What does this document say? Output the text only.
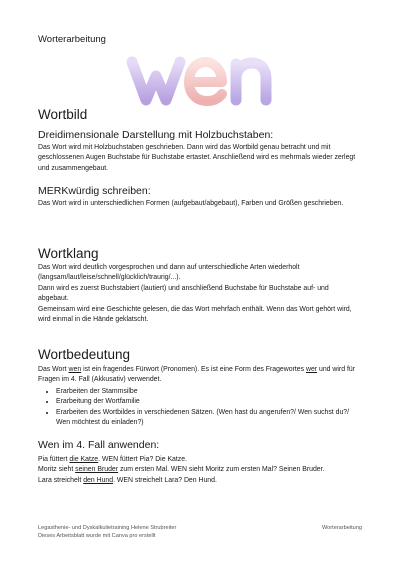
Worterarbeitung
Wortbild
Dreidimensionale Darstellung mit Holzbuchstaben:

Das Wort wird mit Holzbuchstaben geschrieben. Dann wird das Wortbild genau betracht und mit geschlossenen Augen Buchstabe für Buchstabe ertastet. Anschließend wird es mehrmals wieder zerlegt und zusammengebaut.

MERKwürdig schreiben:

Das Wort wird in unterschiedlichen Formen (aufgebaut/abgebaut), Farben und Größen geschrieben.

Wortklang

Das Wort wird deutlich vorgesprochen und dann auf unterschiedliche Arten wiederholt (langsam/laut/leise/schnell/glücklich/traurig/...).

Dann wird es zuerst Buchstabiert (lautiert) und anschließend Buchstabe für Buchstabe auf- und abgebaut.

Gemeinsam wird eine Geschichte gelesen, die das Wort mehrfach enthält. Wenn das Wort gehört wird, wird einmal in die Hände geklatscht.

Wortbedeutung

Das Wort wen ist ein fragendes Fürwort (Pronomen). Es ist eine Form des Fragewortes wer und wird für Fragen im 4. Fall (Akkusativ) verwendet.

• Erarbeiten der Stammsilbe
• Erarbeitung der Wortfamilie
• Erarbeiten des Wortbildes in verschiedenen Sätzen. (Wen hast du angerufen?/ Wen suchst du?/ Wen möchtest du einladen?)
Wen im 4. Fall anwenden:

Pia füttert die Katze. WEN füttert Pia? Die Katze.

Moritz sieht seinen Bruder zum ersten Mal. WEN sieht Moritz zum ersten Mal? Seinen Bruder.

Lara streichelt den Hund. WEN streichelt Lara? Den Hund.

Legasthenie- und Dyskalkulietraining Helene Strubreiter
Dieses Arbeitsblatt wurde mit Canva pro erstellt
Worterarbeitung
